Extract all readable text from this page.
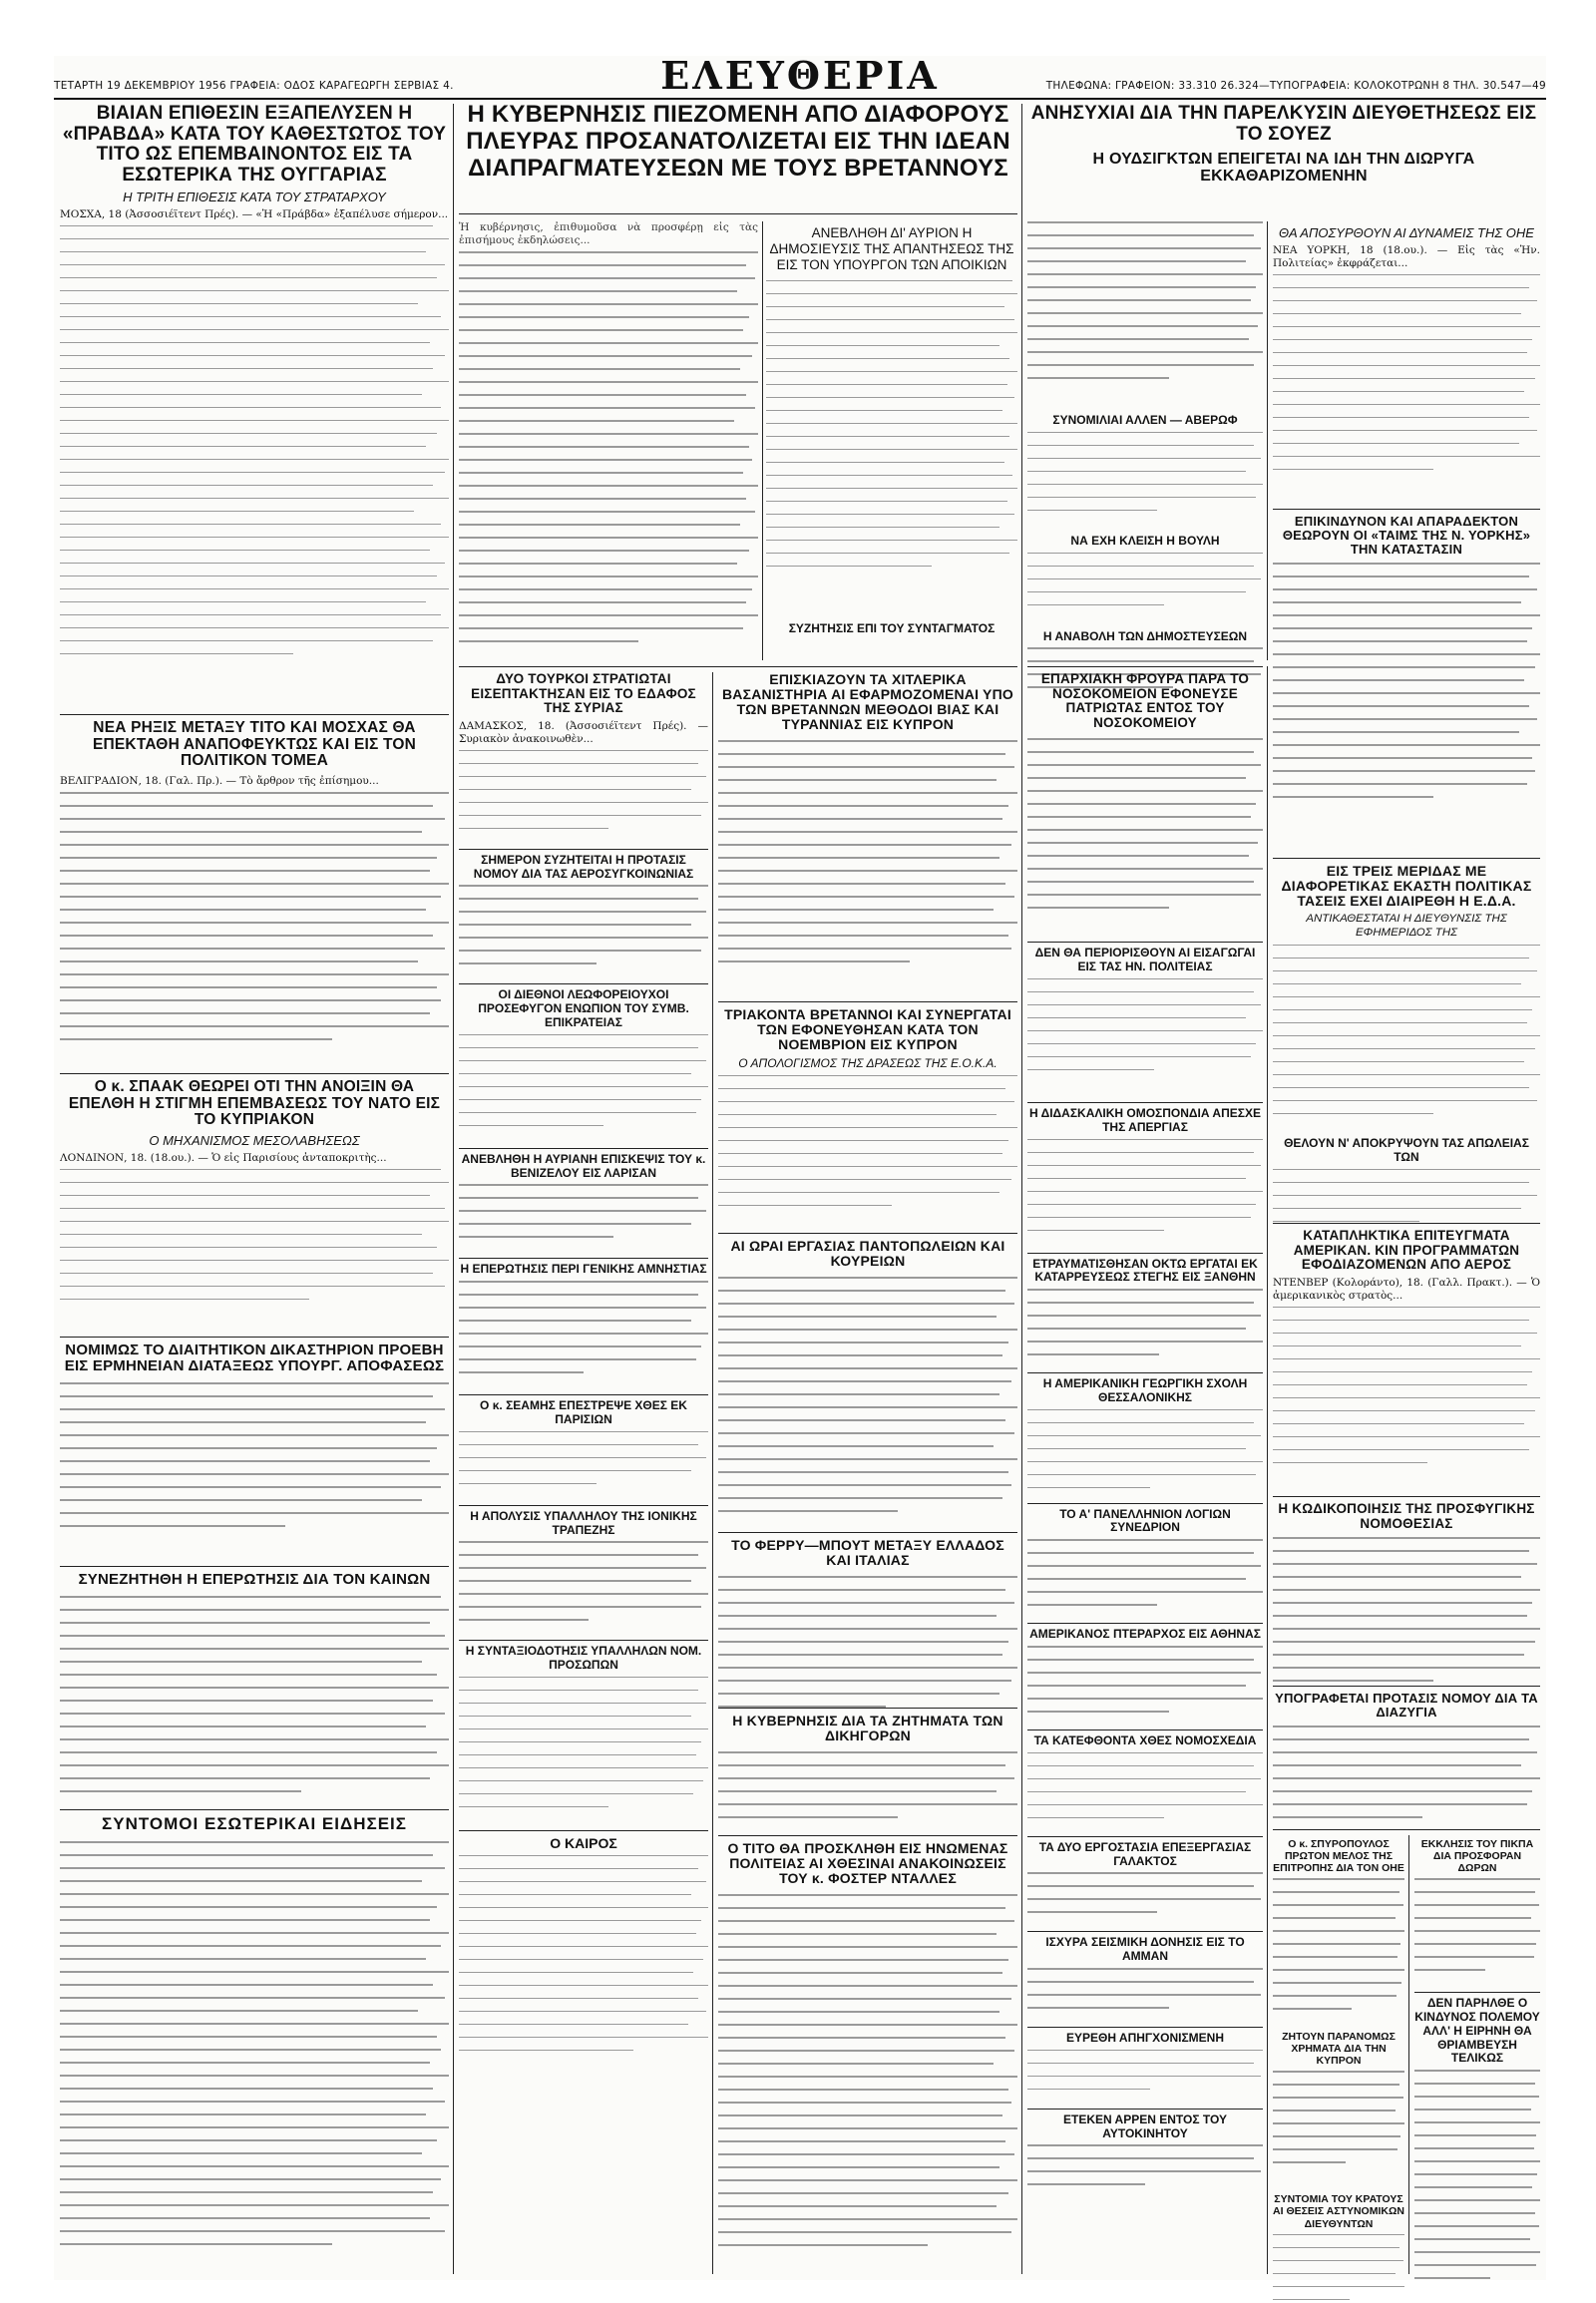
ΤΕΤΑΡΤΗ 19 ΔΕΚΕΜΒΡΙΟΥ 1956 ΓΡΑΦΕΙΑ: ΟΔΟΣ ΚΑΡΑΓΕΩΡΓΗ ΣΕΡΒΙΑΣ 4.	ΕΛΕΥΘΕΡΙΑ	ΤΗΛΕΦΩΝΑ: ΓΡΑΦΕΙΟΝ: 33.310 26.324—ΤΥΠΟΓΡΑΦΕΙΑ: ΚΟΛΟΚΟΤΡΩΝΗ 8 ΤΗΛ. 30.547—49
ΒΙΑΙΑΝ ΕΠΙΘΕΣΙΝ ΕΞΑΠΕΛΥΣΕΝ Η «ΠΡΑΒΔΑ» ΚΑΤΑ ΤΟΥ ΚΑΘΕΣΤΩΤΟΣ ΤΟΥ ΤΙΤΟ ΩΣ ΕΠΕΜΒΑΙΝΟΝΤΟΣ ΕΙΣ ΤΑ ΕΣΩΤΕΡΙΚΑ ΤΗΣ ΟΥΓΓΑΡΙΑΣ
Η ΤΡΙΤΗ ΕΠΙΘΕΣΙΣ ΚΑΤΑ ΤΟΥ ΣΤΡΑΤΑΡΧΟΥ
ΜΟΣΧΑ, 18 (Ἀσσοσιέϊτεντ Πρές). — «Ἡ «Πράβδα» ἐξαπέλυσε σήμερον...
ΝΕΑ ΡΗΞΙΣ ΜΕΤΑΞΥ ΤΙΤΟ ΚΑΙ ΜΟΣΧΑΣ ΘΑ ΕΠΕΚΤΑΘΗ ΑΝΑΠΟΦΕΥΚΤΩΣ ΚΑΙ ΕΙΣ ΤΟΝ ΠΟΛΙΤΙΚΟΝ ΤΟΜΕΑ
ΒΕΛΙΓΡΑΔΙΟΝ, 18. (Γαλ. Πρ.). — Τὸ ἄρθρον τῆς ἐπίσημου...
Ο κ. ΣΠΑΑΚ ΘΕΩΡΕΙ ΟΤΙ ΤΗΝ ΑΝΟΙΞΙΝ ΘΑ ΕΠΕΛΘΗ Η ΣΤΙΓΜΗ ΕΠΕΜΒΑΣΕΩΣ ΤΟΥ ΝΑΤΟ ΕΙΣ ΤΟ ΚΥΠΡΙΑΚΟΝ
Ο ΜΗΧΑΝΙΣΜΟΣ ΜΕΣΟΛΑΒΗΣΕΩΣ
ΛΟΝΔΙΝΟΝ, 18. (18.ου.). — Ὁ εἰς Παρισίους ἀνταποκριτὴς...
ΝΟΜΙΜΩΣ ΤΟ ΔΙΑΙΤΗΤΙΚΟΝ ΔΙΚΑΣΤΗΡΙΟΝ ΠΡΟΕΒΗ ΕΙΣ ΕΡΜΗΝΕΙΑΝ ΔΙΑΤΑΞΕΩΣ ΥΠΟΥΡΓ. ΑΠΟΦΑΣΕΩΣ
ΣΥΝΕΖΗΤΗΘΗ Η ΕΠΕΡΩΤΗΣΙΣ ΔΙΑ ΤΟΝ ΚΑΙΝΩΝ
ΣΥΝΤΟΜΟΙ ΕΣΩΤΕΡΙΚΑΙ ΕΙΔΗΣΕΙΣ
Η ΚΥΒΕΡΝΗΣΙΣ ΠΙΕΖΟΜΕΝΗ ΑΠΟ ΔΙΑΦΟΡΟΥΣ ΠΛΕΥΡΑΣ ΠΡΟΣΑΝΑΤΟΛΙΖΕΤΑΙ ΕΙΣ ΤΗΝ ΙΔΕΑΝ ΔΙΑΠΡΑΓΜΑΤΕΥΣΕΩΝ ΜΕ ΤΟΥΣ ΒΡΕΤΑΝΝΟΥΣ
Ἡ κυβέρνησις, ἐπιθυμοῦσα νὰ προσφέρῃ εἰς τὰς ἐπισήμους ἐκδηλώσεις...	ΑΝΕΒΛΗΘΗ ΔΙ' ΑΥΡΙΟΝ Η ΔΗΜΟΣΙΕΥΣΙΣ ΤΗΣ ΑΠΑΝΤΗΣΕΩΣ ΤΗΣ ΕΙΣ ΤΟΝ ΥΠΟΥΡΓΟΝ ΤΩΝ ΑΠΟΙΚΙΩΝ
ΣΥΖΗΤΗΣΙΣ ΕΠΙ ΤΟΥ ΣΥΝΤΑΓΜΑΤΟΣ
ΔΥΟ ΤΟΥΡΚΟΙ ΣΤΡΑΤΙΩΤΑΙ ΕΙΣΕΠΤΑΚΤΗΣΑΝ ΕΙΣ ΤΟ ΕΔΑΦΟΣ ΤΗΣ ΣΥΡΙΑΣ
ΔΑΜΑΣΚΟΣ, 18. (Ἀσσοσιέϊτεντ Πρές). — Συριακὸν ἀνακοινωθὲν...
ΣΗΜΕΡΟΝ ΣΥΖΗΤΕΙΤΑΙ Η ΠΡΟΤΑΣΙΣ ΝΟΜΟΥ ΔΙΑ ΤΑΣ ΑΕΡΟΣΥΓΚΟΙΝΩΝΙΑΣ
ΟΙ ΔΙΕΘΝΟΙ ΛΕΩΦΟΡΕΙΟΥΧΟΙ ΠΡΟΣΕΦΥΓΟΝ ΕΝΩΠΙΟΝ ΤΟΥ ΣΥΜΒ. ΕΠΙΚΡΑΤΕΙΑΣ
ΑΝΕΒΛΗΘΗ Η ΑΥΡΙΑΝΗ ΕΠΙΣΚΕΨΙΣ ΤΟΥ κ. ΒΕΝΙΖΕΛΟΥ ΕΙΣ ΛΑΡΙΣΑΝ
Η ΕΠΕΡΩΤΗΣΙΣ ΠΕΡΙ ΓΕΝΙΚΗΣ ΑΜΝΗΣΤΙΑΣ
Ο κ. ΣΕΑΜΗΣ ΕΠΕΣΤΡΕΨΕ ΧΘΕΣ ΕΚ ΠΑΡΙΣΙΩΝ
Η ΑΠΟΛΥΣΙΣ ΥΠΑΛΛΗΛΟΥ ΤΗΣ ΙΟΝΙΚΗΣ ΤΡΑΠΕΖΗΣ
Η ΣΥΝΤΑΞΙΟΔΟΤΗΣΙΣ ΥΠΑΛΛΗΛΩΝ ΝΟΜ. ΠΡΟΣΩΠΩΝ
Ο ΚΑΙΡΟΣ
ΕΠΙΣΚΙΑΖΟΥΝ ΤΑ ΧΙΤΛΕΡΙΚΑ ΒΑΣΑΝΙΣΤΗΡΙΑ ΑΙ ΕΦΑΡΜΟΖΟΜΕΝΑΙ ΥΠΟ ΤΩΝ ΒΡΕΤΑΝΝΩΝ ΜΕΘΟΔΟΙ ΒΙΑΣ ΚΑΙ ΤΥΡΑΝΝΙΑΣ ΕΙΣ ΚΥΠΡΟΝ
ΤΡΙΑΚΟΝΤΑ ΒΡΕΤΑΝΝΟΙ ΚΑΙ ΣΥΝΕΡΓΑΤΑΙ ΤΩΝ ΕΦΟΝΕΥΘΗΣΑΝ ΚΑΤΑ ΤΟΝ ΝΟΕΜΒΡΙΟΝ ΕΙΣ ΚΥΠΡΟΝ
Ο ΑΠΟΛΟΓΙΣΜΟΣ ΤΗΣ ΔΡΑΣΕΩΣ ΤΗΣ Ε.Ο.Κ.Α.
ΑΙ ΩΡΑΙ ΕΡΓΑΣΙΑΣ ΠΑΝΤΟΠΩΛΕΙΩΝ ΚΑΙ ΚΟΥΡΕΙΩΝ
ΤΟ ΦΕΡΡΥ—ΜΠΟΥΤ ΜΕΤΑΞΥ ΕΛΛΑΔΟΣ ΚΑΙ ΙΤΑΛΙΑΣ
Η ΚΥΒΕΡΝΗΣΙΣ ΔΙΑ ΤΑ ΖΗΤΗΜΑΤΑ ΤΩΝ ΔΙΚΗΓΟΡΩΝ
Ο ΤΙΤΟ ΘΑ ΠΡΟΣΚΛΗΘΗ ΕΙΣ ΗΝΩΜΕΝΑΣ ΠΟΛΙΤΕΙΑΣ ΑΙ ΧΘΕΣΙΝΑΙ ΑΝΑΚΟΙΝΩΣΕΙΣ ΤΟΥ κ. ΦΟΣΤΕΡ ΝΤΑΛΛΕΣ
ΣΥΝΟΜΙΛΙΑΙ ΑΛΛΕΝ — ΑΒΕΡΩΦ
ΝΑ ΕΧΗ ΚΛΕΙΣΗ Η ΒΟΥΛΗ
Η ΑΝΑΒΟΛΗ ΤΩΝ ΔΗΜΟΣΤΕΥΣΕΩΝ
ΕΠΑΡΧΙΑΚΗ ΦΡΟΥΡΑ ΠΑΡΑ ΤΟ ΝΟΣΟΚΟΜΕΙΟΝ ΕΦΟΝΕΥΣΕ ΠΑΤΡΙΩΤΑΣ ΕΝΤΟΣ ΤΟΥ ΝΟΣΟΚΟΜΕΙΟΥ
ΔΕΝ ΘΑ ΠΕΡΙΟΡΙΣΘΟΥΝ ΑΙ ΕΙΣΑΓΩΓΑΙ ΕΙΣ ΤΑΣ ΗΝ. ΠΟΛΙΤΕΙΑΣ
Η ΔΙΔΑΣΚΑΛΙΚΗ ΟΜΟΣΠΟΝΔΙΑ ΑΠΕΣΧΕ ΤΗΣ ΑΠΕΡΓΙΑΣ
ΕΤΡΑΥΜΑΤΙΣΘΗΣΑΝ ΟΚΤΩ ΕΡΓΑΤΑΙ ΕΚ ΚΑΤΑΡΡΕΥΣΕΩΣ ΣΤΕΓΗΣ ΕΙΣ ΞΑΝΘΗΝ
Η ΑΜΕΡΙΚΑΝΙΚΗ ΓΕΩΡΓΙΚΗ ΣΧΟΛΗ ΘΕΣΣΑΛΟΝΙΚΗΣ
ΤΟ Α' ΠΑΝΕΛΛΗΝΙΟΝ ΛΟΓΙΩΝ ΣΥΝΕΔΡΙΟΝ
ΑΜΕΡΙΚΑΝΟΣ ΠΤΕΡΑΡΧΟΣ ΕΙΣ ΑΘΗΝΑΣ
ΤΑ ΚΑΤΕΦΘΟΝΤΑ ΧΘΕΣ ΝΟΜΟΣΧΕΔΙΑ
ΤΑ ΔΥΟ ΕΡΓΟΣΤΑΣΙΑ ΕΠΕΞΕΡΓΑΣΙΑΣ ΓΑΛΑΚΤΟΣ
ΙΣΧΥΡΑ ΣΕΙΣΜΙΚΗ ΔΟΝΗΣΙΣ ΕΙΣ ΤΟ ΑΜΜΑΝ
ΕΥΡΕΘΗ ΑΠΗΓΧΟΝΙΣΜΕΝΗ
ΕΤΕΚΕΝ ΑΡΡΕΝ ΕΝΤΟΣ ΤΟΥ ΑΥΤΟΚΙΝΗΤΟΥ
ΑΝΗΣΥΧΙΑΙ ΔΙΑ ΤΗΝ ΠΑΡΕΛΚΥΣΙΝ ΔΙΕΥΘΕΤΗΣΕΩΣ ΕΙΣ ΤΟ ΣΟΥΕΖ
Η ΟΥΔΣΙΓΚΤΩΝ ΕΠΕΙΓΕΤΑΙ ΝΑ ΙΔΗ ΤΗΝ ΔΙΩΡΥΓΑ ΕΚΚΑΘΑΡΙΖΟΜΕΝΗΝ
ΘΑ ΑΠΟΣΥΡΘΟΥΝ ΑΙ ΔΥΝΑΜΕΙΣ ΤΗΣ ΟΗΕ
ΝΕΑ ΥΟΡΚΗ, 18 (18.ου.). — Εἰς τὰς «Ἡν. Πολιτείας» ἐκφράζεται...
ΕΠΙΚΙΝΔΥΝΟΝ ΚΑΙ ΑΠΑΡΑΔΕΚΤΟΝ ΘΕΩΡΟΥΝ ΟΙ «ΤΑΙΜΣ ΤΗΣ Ν. ΥΟΡΚΗΣ» ΤΗΝ ΚΑΤΑΣΤΑΣΙΝ
ΕΙΣ ΤΡΕΙΣ ΜΕΡΙΔΑΣ ΜΕ ΔΙΑΦΟΡΕΤΙΚΑΣ ΕΚΑΣΤΗ ΠΟΛΙΤΙΚΑΣ ΤΑΣΕΙΣ ΕΧΕΙ ΔΙΑΙΡΕΘΗ Η Ε.Δ.Α.
ΑΝΤΙΚΑΘΕΣΤΑΤΑΙ Η ΔΙΕΥΘΥΝΣΙΣ ΤΗΣ ΕΦΗΜΕΡΙΔΟΣ ΤΗΣ
ΘΕΛΟΥΝ Ν' ΑΠΟΚΡΥΨΟΥΝ ΤΑΣ ΑΠΩΛΕΙΑΣ ΤΩΝ
ΚΑΤΑΠΛΗΚΤΙΚΑ ΕΠΙΤΕΥΓΜΑΤΑ ΑΜΕΡΙΚΑΝ. ΚΙΝ ΠΡΟΓΡΑΜΜΑΤΩΝ ΕΦΟΔΙΑΖΟΜΕΝΩΝ ΑΠΟ ΑΕΡΟΣ
ΝΤΕΝΒΕΡ (Κολοράντο), 18. (Γαλλ. Πρακτ.). — Ὁ ἀμερικανικὸς στρατὸς...
Η ΚΩΔΙΚΟΠΟΙΗΣΙΣ ΤΗΣ ΠΡΟΣΦΥΓΙΚΗΣ ΝΟΜΟΘΕΣΙΑΣ
ΥΠΟΓΡΑΦΕΤΑΙ ΠΡΟΤΑΣΙΣ ΝΟΜΟΥ ΔΙΑ ΤΑ ΔΙΑΖΥΓΙΑ
Ο κ. ΣΠΥΡΟΠΟΥΛΟΣ ΠΡΩΤΟΝ ΜΕΛΟΣ ΤΗΣ ΕΠΙΤΡΟΠΗΣ ΔΙΑ ΤΟΝ ΟΗΕ
ΖΗΤΟΥΝ ΠΑΡΑΝΟΜΩΣ ΧΡΗΜΑΤΑ ΔΙΑ ΤΗΝ ΚΥΠΡΟΝ
ΣΥΝΤΟΜΙΑ ΤΟΥ ΚΡΑΤΟΥΣ ΑΙ ΘΕΣΕΙΣ ΑΣΤΥΝΟΜΙΚΩΝ ΔΙΕΥΘΥΝΤΩΝ
ΕΚΚΛΗΣΙΣ ΤΟΥ ΠΙΚΠΑ ΔΙΑ ΠΡΟΣΦΟΡΑΝ ΔΩΡΩΝ
ΔΕΝ ΠΑΡΗΛΘΕ Ο ΚΙΝΔΥΝΟΣ ΠΟΛΕΜΟΥ ΑΛΛ' Η ΕΙΡΗΝΗ ΘΑ ΘΡΙΑΜΒΕΥΣΗ ΤΕΛΙΚΩΣ
